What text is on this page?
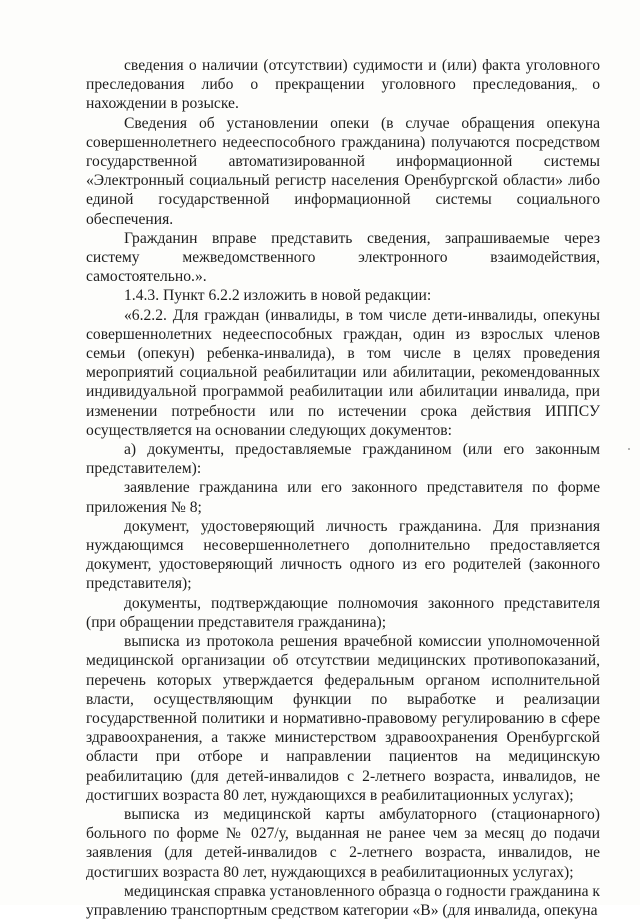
сведения о наличии (отсутствии) судимости и (или) факта уголовного преследования либо о прекращении уголовного преследования, о нахождении в розыске.

Сведения об установлении опеки (в случае обращения опекуна совершеннолетнего недееспособного гражданина) получаются посредством государственной автоматизированной информационной системы «Электронный социальный регистр населения Оренбургской области» либо единой государственной информационной системы социального обеспечения.

Гражданин вправе представить сведения, запрашиваемые через систему межведомственного электронного взаимодействия, самостоятельно.».

1.4.3. Пункт 6.2.2 изложить в новой редакции:

«6.2.2. Для граждан (инвалиды, в том числе дети-инвалиды, опекуны совершеннолетних недееспособных граждан, один из взрослых членов семьи (опекун) ребенка-инвалида), в том числе в целях проведения мероприятий социальной реабилитации или абилитации, рекомендованных индивидуальной программой реабилитации или абилитации инвалида, при изменении потребности или по истечении срока действия ИППСУ осуществляется на основании следующих документов:

а) документы, предоставляемые гражданином (или его законным представителем):

заявление гражданина или его законного представителя по форме приложения № 8;

документ, удостоверяющий личность гражданина. Для признания нуждающимся несовершеннолетнего дополнительно предоставляется документ, удостоверяющий личность одного из его родителей (законного представителя);

документы, подтверждающие полномочия законного представителя (при обращении представителя гражданина);

выписка из протокола решения врачебной комиссии уполномоченной медицинской организации об отсутствии медицинских противопоказаний, перечень которых утверждается федеральным органом исполнительной власти, осуществляющим функции по выработке и реализации государственной политики и нормативно-правовому регулированию в сфере здравоохранения, а также министерством здравоохранения Оренбургской области при отборе и направлении пациентов на медицинскую реабилитацию (для детей-инвалидов с 2-летнего возраста, инвалидов, не достигших возраста 80 лет, нуждающихся в реабилитационных услугах);

выписка из медицинской карты амбулаторного (стационарного) больного по форме № 027/у, выданная не ранее чем за месяц до подачи заявления (для детей-инвалидов с 2-летнего возраста, инвалидов, не достигших возраста 80 лет, нуждающихся в реабилитационных услугах);

медицинская справка установленного образца о годности гражданина к управлению транспортным средством категории «В» (для инвалида, опекуна
